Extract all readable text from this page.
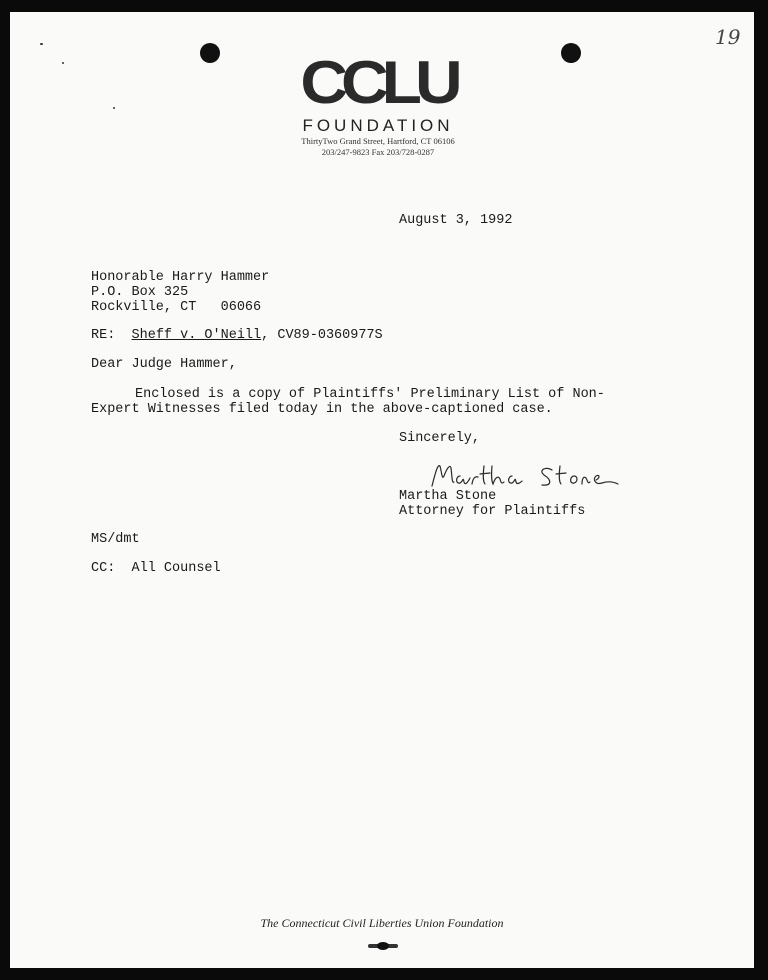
19

CCLU
FOUNDATION
ThirtyTwo Grand Street, Hartford, CT 06106
203/247-9823 Fax 203/728-0287

August 3, 1992

Honorable Harry Hammer

P.O. Box 325

Rockville, CT   06066

RE: Sheff v. O'Neill, CV89-0360977S

Dear Judge Hammer,

Enclosed is a copy of Plaintiffs' Preliminary List of Non-

Expert Witnesses filed today in the above-captioned case.

Sincerely,

Martha Stone

Attorney for Plaintiffs

MS/dmt

CC: All Counsel

The Connecticut Civil Liberties Union Foundation
